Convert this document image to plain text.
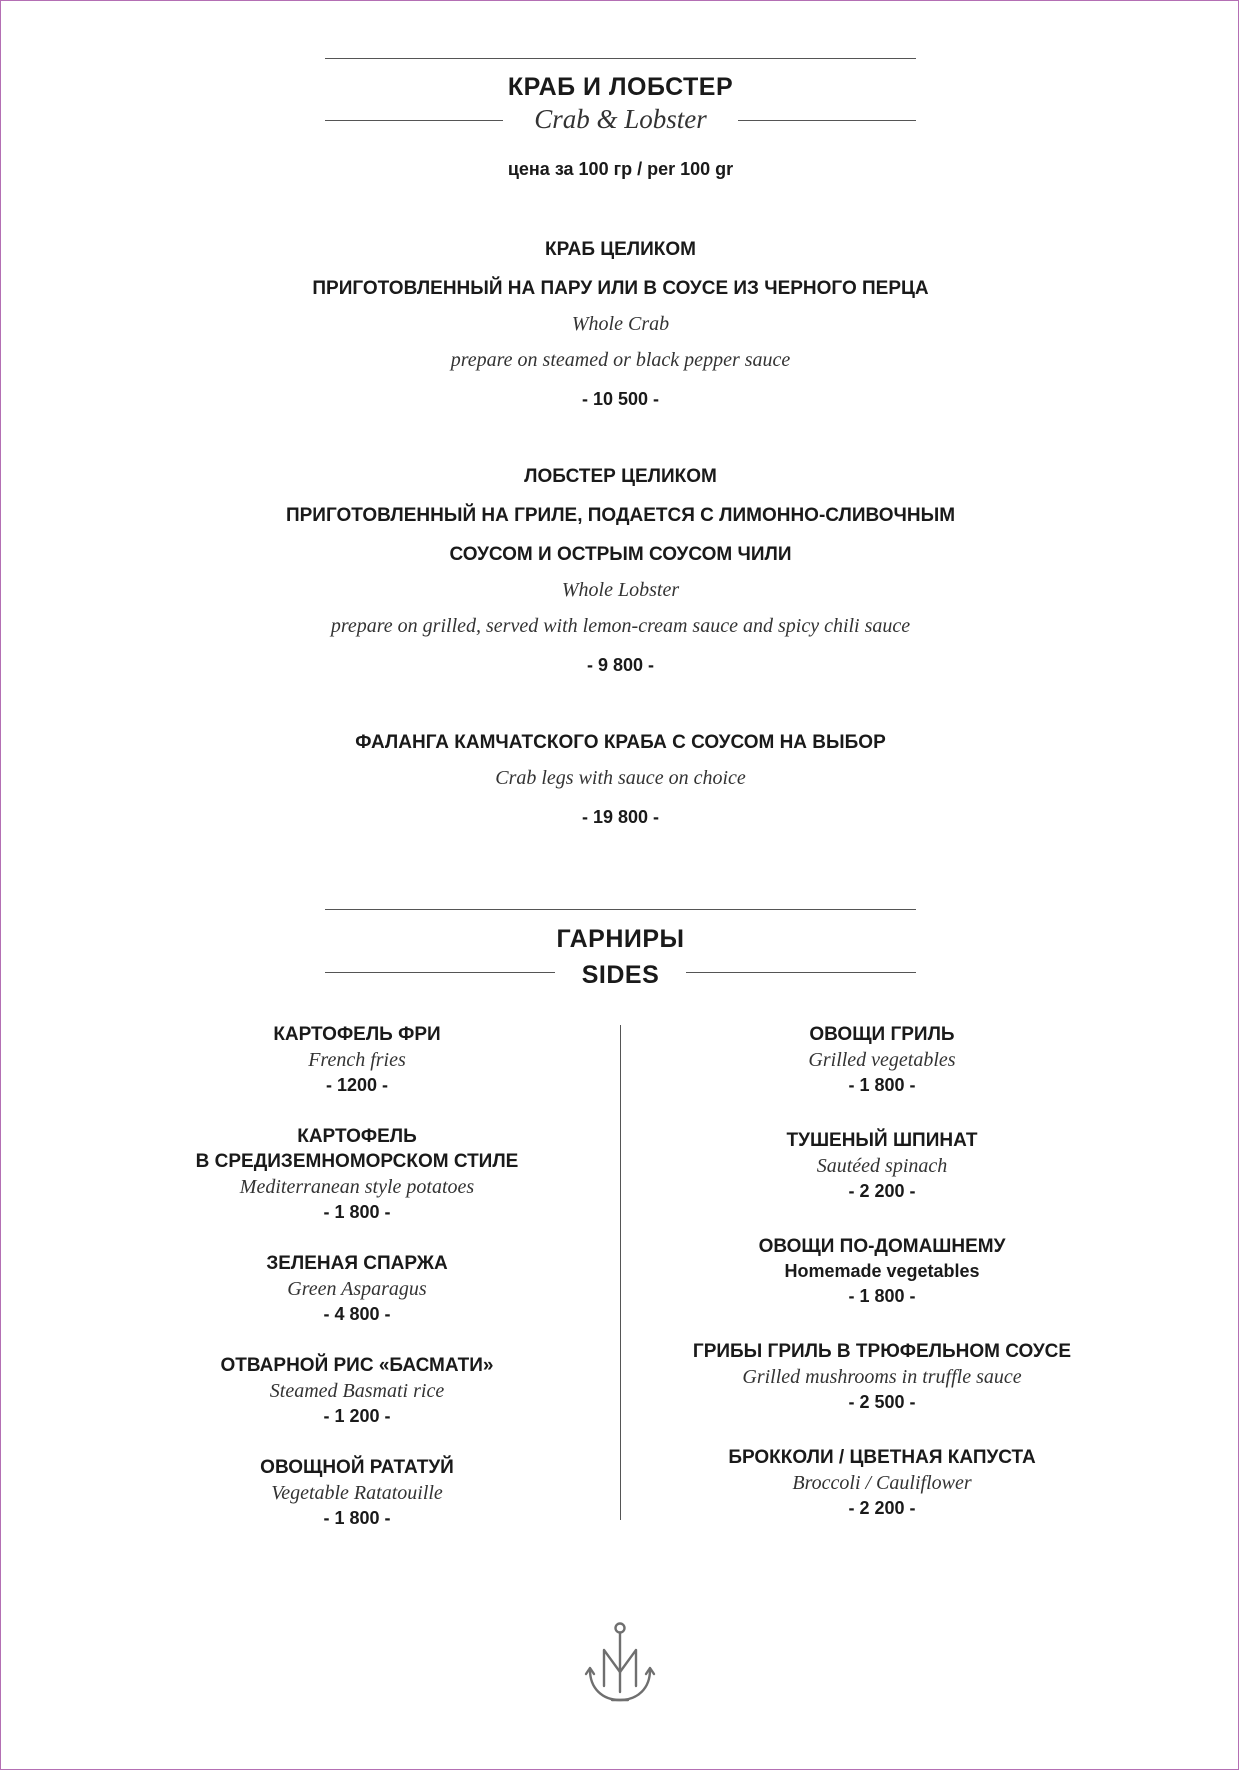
КРАБ И ЛОБСТЕР
Crab & Lobster
цена за 100 гр / per 100 gr
КРАБ ЦЕЛИКОМ
ПРИГОТОВЛЕННЫЙ НА ПАРУ ИЛИ В СОУСЕ ИЗ ЧЕРНОГО ПЕРЦА
Whole Crab
prepare on steamed or black pepper sauce
- 10 500 -
ЛОБСТЕР ЦЕЛИКОМ
ПРИГОТОВЛЕННЫЙ НА ГРИЛЕ, ПОДАЕТСЯ С ЛИМОННО-СЛИВОЧНЫМ
СОУСОМ И ОСТРЫМ СОУСОМ ЧИЛИ
Whole Lobster
prepare on grilled, served with lemon-cream sauce and spicy chili sauce
- 9 800 -
ФАЛАНГА КАМЧАТСКОГО КРАБА С СОУСОМ НА ВЫБОР
Crab legs with sauce on choice
- 19 800 -
ГАРНИРЫ
SIDES
КАРТОФЕЛЬ ФРИ
French fries
- 1200 -
КАРТОФЕЛЬ
В СРЕДИЗЕМНОМОРСКОМ СТИЛЕ
Mediterranean style potatoes
- 1 800 -
ЗЕЛЕНАЯ СПАРЖА
Green Asparagus
- 4 800 -
ОТВАРНОЙ РИС «БАСМАТИ»
Steamed Basmati rice
- 1 200 -
ОВОЩНОЙ РАТАТУЙ
Vegetable Ratatouille
- 1 800 -
ОВОЩИ ГРИЛЬ
Grilled vegetables
- 1 800 -
ТУШЕНЫЙ ШПИНАТ
Sautéed spinach
- 2 200 -
ОВОЩИ ПО-ДОМАШНЕМУ
Homemade vegetables
- 1 800 -
ГРИБЫ ГРИЛЬ В ТРЮФЕЛЬНОМ СОУСЕ
Grilled mushrooms in truffle sauce
- 2 500 -
БРОККОЛИ / ЦВЕТНАЯ КАПУСТА
Broccoli / Cauliflower
- 2 200 -
